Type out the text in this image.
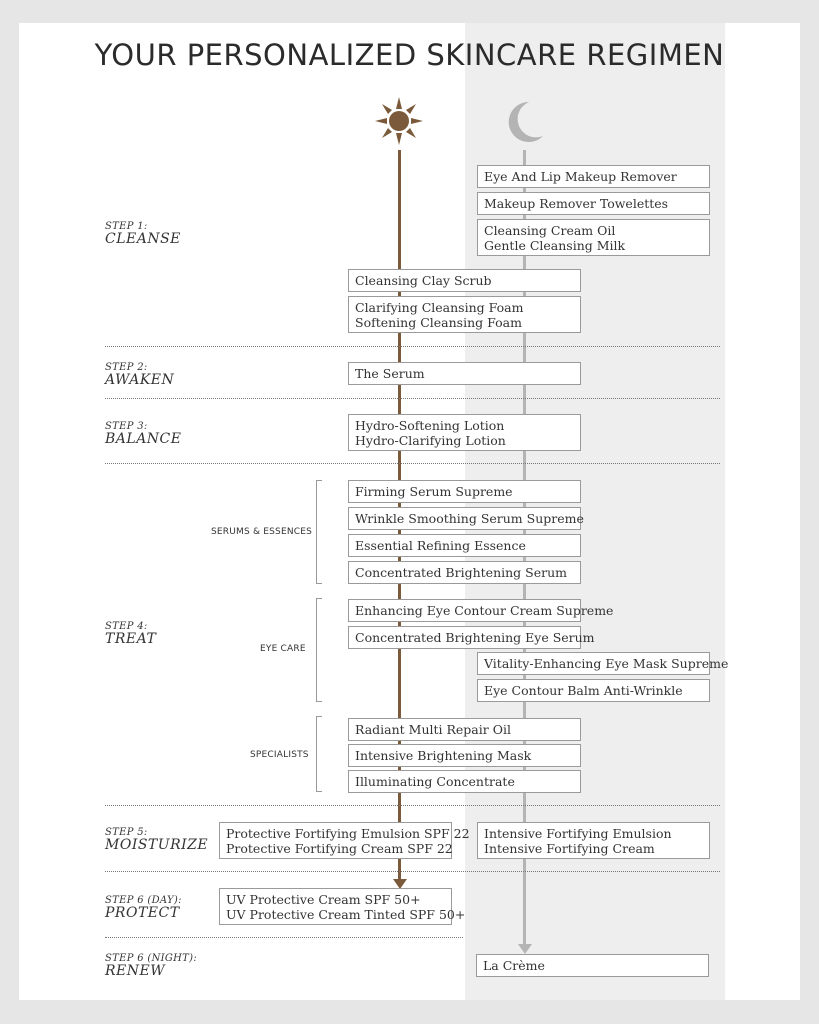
YOUR PERSONALIZED SKINCARE REGIMEN
STEP 1:
CLEANSE
STEP 2:
AWAKEN
STEP 3:
BALANCE
STEP 4:
TREAT
STEP 5:
MOISTURIZE
STEP 6 (DAY):
PROTECT
STEP 6 (NIGHT):
RENEW
SERUMS & ESSENCES
EYE CARE
SPECIALISTS
Eye And Lip Makeup Remover
Makeup Remover Towelettes
Cleansing Cream Oil
Gentle Cleansing Milk
Cleansing Clay Scrub
Clarifying Cleansing Foam
Softening Cleansing Foam
The Serum
Hydro-Softening Lotion
Hydro-Clarifying Lotion
Firming Serum Supreme
Wrinkle Smoothing Serum Supreme
Essential Refining Essence
Concentrated Brightening Serum
Enhancing Eye Contour Cream Supreme
Concentrated Brightening Eye Serum
Vitality-Enhancing Eye Mask Supreme
Eye Contour Balm Anti-Wrinkle
Radiant Multi Repair Oil
Intensive Brightening Mask
Illuminating Concentrate
Protective Fortifying Emulsion SPF 22
Protective Fortifying Cream SPF 22
Intensive Fortifying Emulsion
Intensive Fortifying Cream
UV Protective Cream SPF 50+
UV Protective Cream Tinted SPF 50+
La Crème
